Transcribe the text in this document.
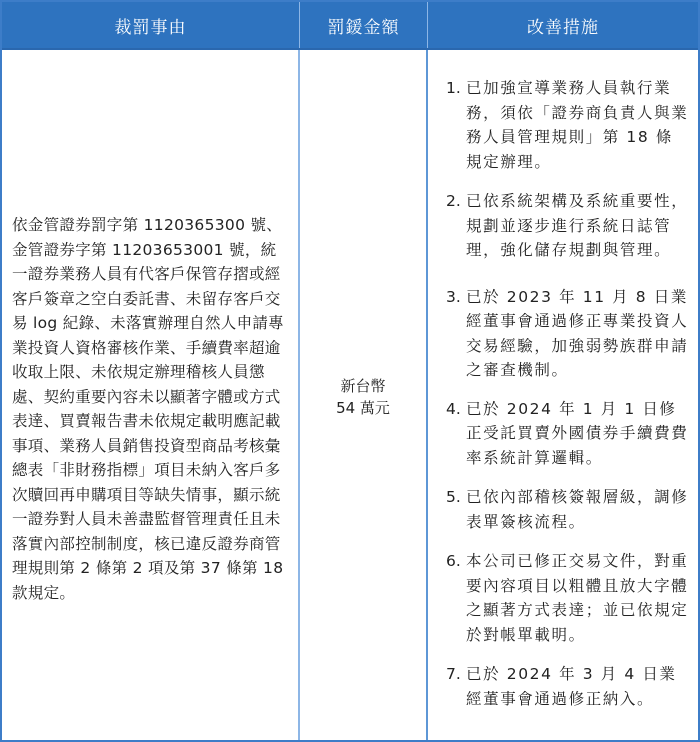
裁罰事由	罰鍰金額	改善措施
依金管證券罰字第 1120365300 號、金管證券字第 11203653001 號，統一證券業務人員有代客戶保管存摺或經客戶簽章之空白委託書、未留存客戶交易 log 紀錄、未落實辦理自然人申請專業投資人資格審核作業、手續費率超逾收取上限、未依規定辦理稽核人員懲處、契約重要內容未以顯著字體或方式表達、買賣報告書未依規定載明應記載事項、業務人員銷售投資型商品考核彙總表「非財務指標」項目未納入客戶多次贖回再申購項目等缺失情事，顯示統一證券對人員未善盡監督管理責任且未落實內部控制制度，核已違反證券商管理規則第 2 條第 2 項及第 37 條第 18 款規定。
新台幣
54 萬元
1. 已加強宣導業務人員執行業務，須依「證券商負責人與業務人員管理規則」第 18 條規定辦理。
2. 已依系統架構及系統重要性，規劃並逐步進行系統日誌管理，強化儲存規劃與管理。
3. 已於 2023 年 11 月 8 日業經董事會通過修正專業投資人交易經驗，加強弱勢族群申請之審查機制。
4. 已於 2024 年 1 月 1 日修正受託買賣外國債券手續費費率系統計算邏輯。
5. 已依內部稽核簽報層級，調修表單簽核流程。
6. 本公司已修正交易文件，對重要內容項目以粗體且放大字體之顯著方式表達；並已依規定於對帳單載明。
7. 已於 2024 年 3 月 4 日業經董事會通過修正納入。
